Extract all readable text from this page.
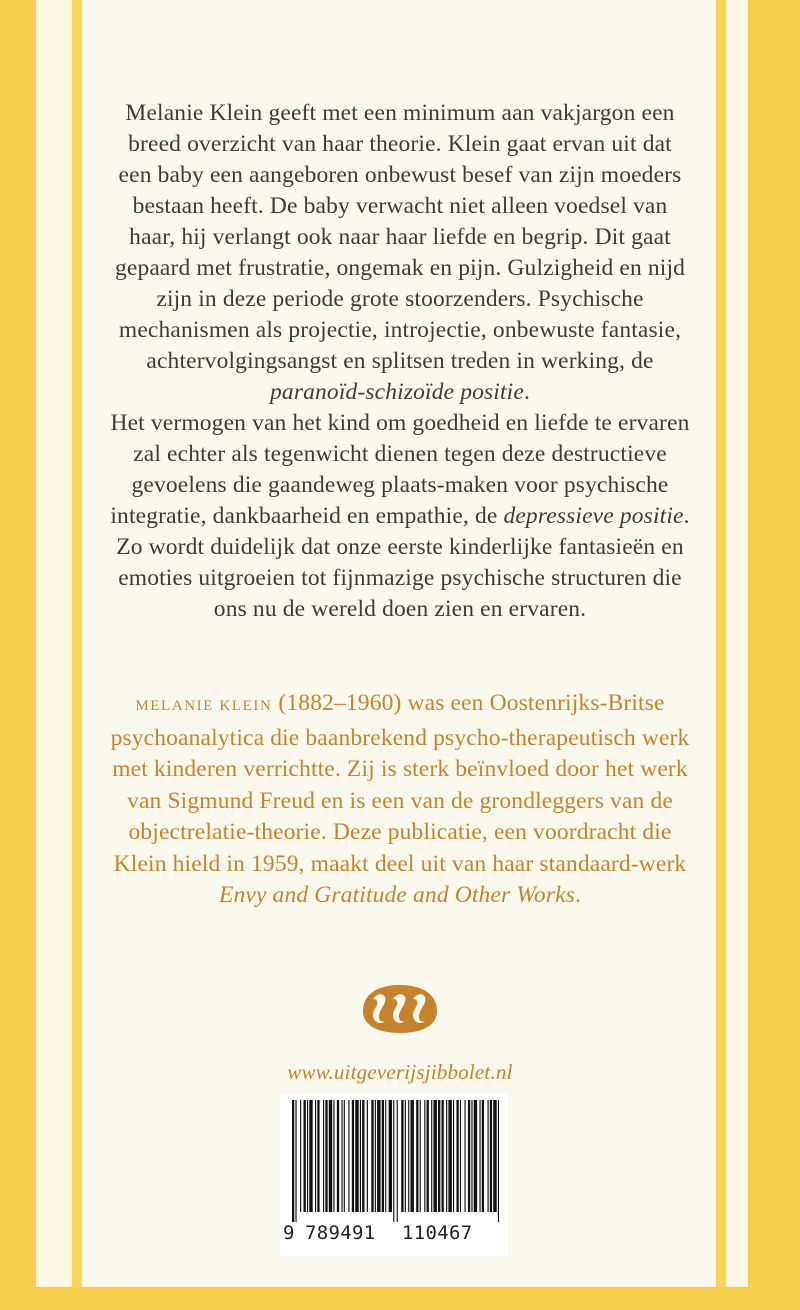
Melanie Klein geeft met een minimum aan vakjargon een breed overzicht van haar theorie. Klein gaat ervan uit dat een baby een aangeboren onbewust besef van zijn moeders bestaan heeft. De baby verwacht niet alleen voedsel van haar, hij verlangt ook naar haar liefde en begrip. Dit gaat gepaard met frustratie, ongemak en pijn. Gulzigheid en nijd zijn in deze periode grote stoorzenders. Psychische mechanismen als projectie, introjectie, onbewuste fantasie, achtervolgingsangst en splitsen treden in werking, de paranoïd-schizoïde positie.
Het vermogen van het kind om goedheid en liefde te ervaren zal echter als tegenwicht dienen tegen deze destructieve gevoelens die gaandeweg plaats-maken voor psychische integratie, dankbaarheid en empathie, de depressieve positie. Zo wordt duidelijk dat onze eerste kinderlijke fantasieën en emoties uitgroeien tot fijnmazige psychische structuren die ons nu de wereld doen zien en ervaren.
MELANIE KLEIN (1882–1960) was een Oostenrijks-Britse psychoanalytica die baanbrekend psycho-therapeutisch werk met kinderen verrichtte. Zij is sterk beïnvloed door het werk van Sigmund Freud en is een van de grondleggers van de objectrelatie-theorie. Deze publicatie, een voordracht die Klein hield in 1959, maakt deel uit van haar standaard-werk Envy and Gratitude and Other Works.
www.uitgeverijsjibbolet.nl

9

789491

110467
